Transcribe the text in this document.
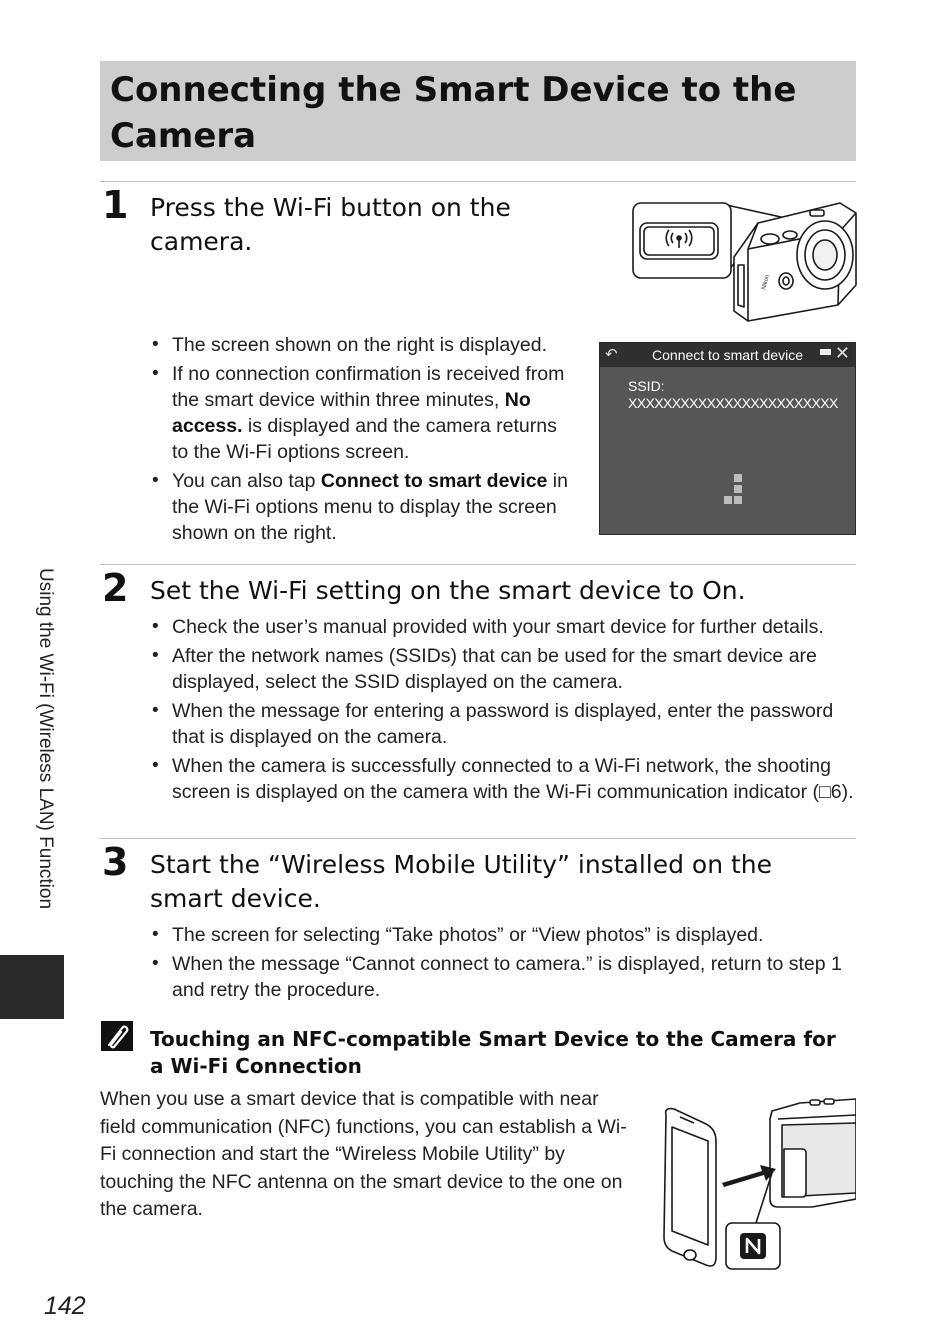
Connecting the Smart Device to the Camera
1 Press the Wi-Fi button on the camera.
Nikon
• The screen shown on the right is displayed.
• If no connection confirmation is received from the smart device within three minutes, No access. is displayed and the camera returns to the Wi-Fi options screen.
• You can also tap Connect to smart device in the Wi-Fi options menu to display the screen shown on the right.
↶	Connect to smart device	✕
SSID:
XXXXXXXXXXXXXXXXXXXXXXXX
2 Set the Wi-Fi setting on the smart device to On.
• Check the user’s manual provided with your smart device for further details.
• After the network names (SSIDs) that can be used for the smart device are displayed, select the SSID displayed on the camera.
• When the message for entering a password is displayed, enter the password that is displayed on the camera.
• When the camera is successfully connected to a Wi-Fi network, the shooting screen is displayed on the camera with the Wi-Fi communication indicator (□6).
3 Start the “Wireless Mobile Utility” installed on the smart device.
• The screen for selecting “Take photos” or “View photos” is displayed.
• When the message “Cannot connect to camera.” is displayed, return to step 1 and retry the procedure.
Using the Wi-Fi (Wireless LAN) Function
Touching an NFC-compatible Smart Device to the Camera for a Wi-Fi Connection
When you use a smart device that is compatible with near field communication (NFC) functions, you can establish a Wi-Fi connection and start the “Wireless Mobile Utility” by touching the NFC antenna on the smart device to the one on the camera.
142
